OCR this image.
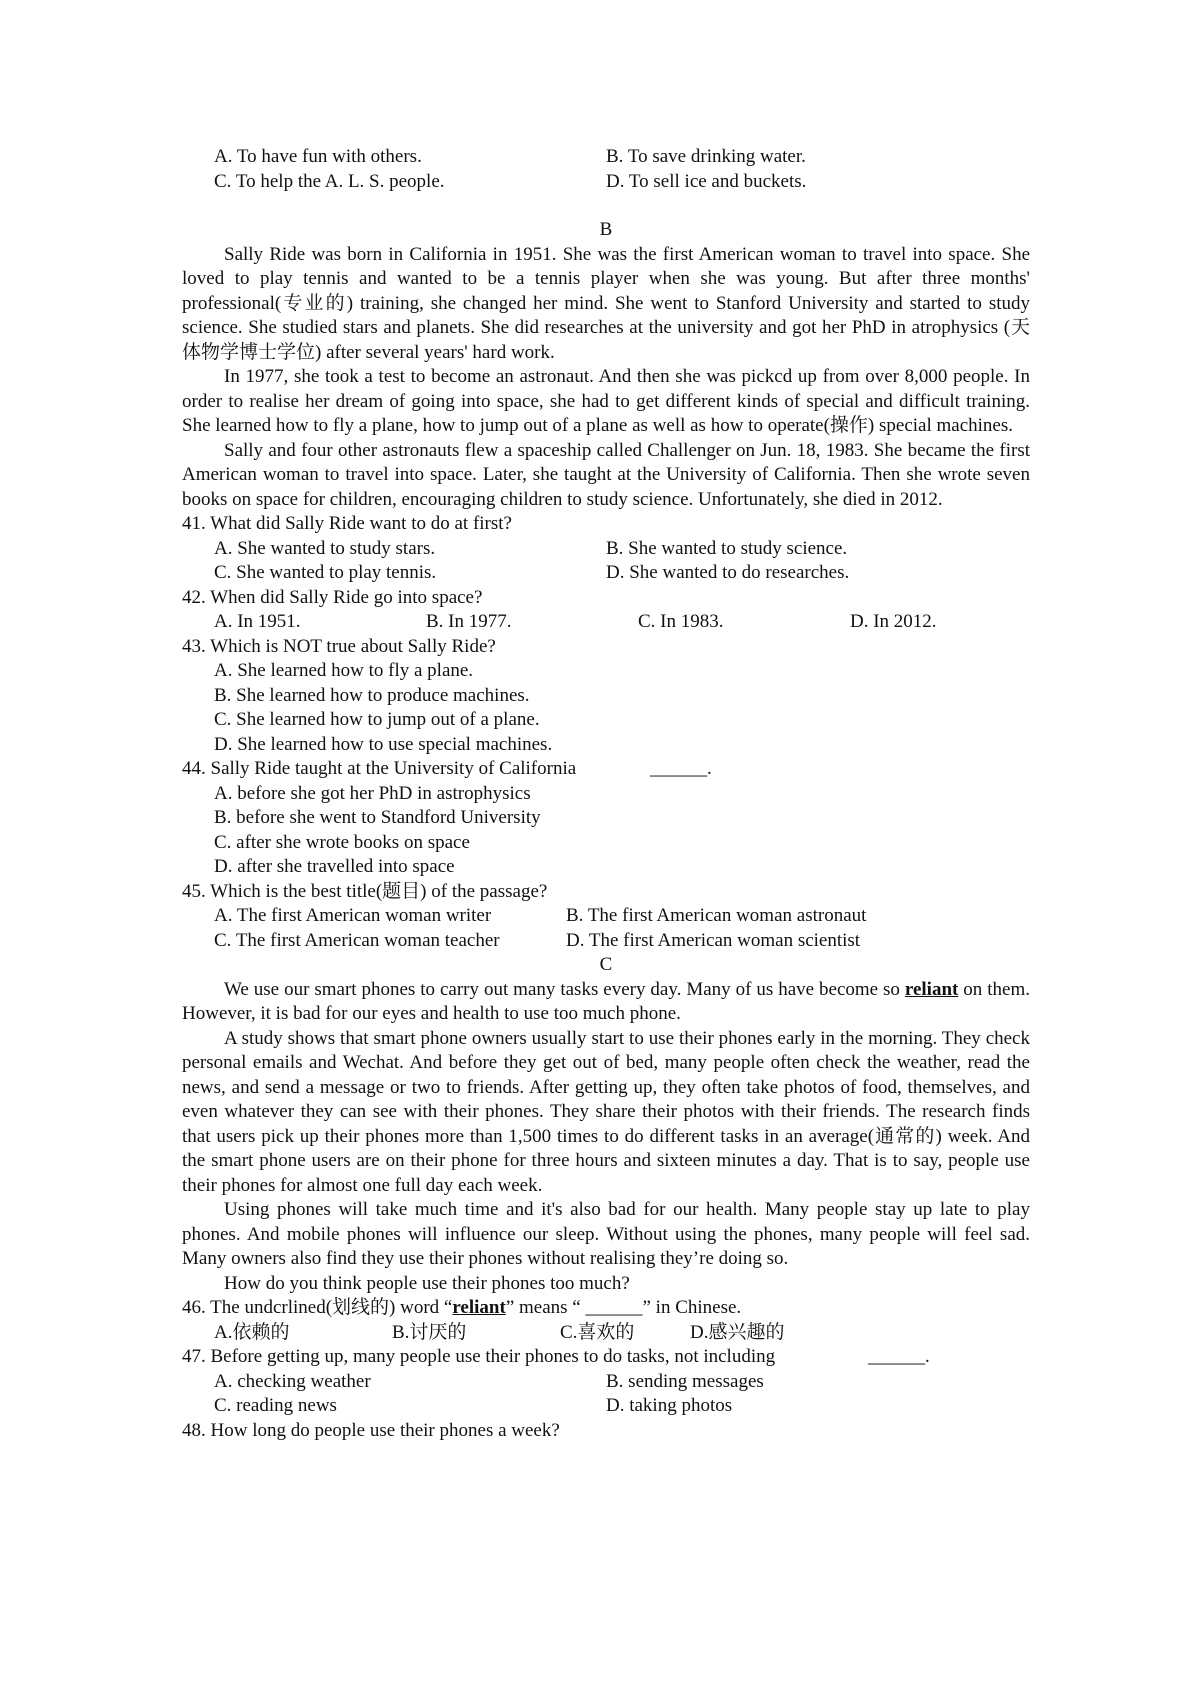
A. To have fun with others.	B. To save drinking water.
C. To help the A. L. S. people.	D. To sell ice and buckets.
B

Sally Ride was born in California in 1951. She was the first American woman to travel into space. She loved to play tennis and wanted to be a tennis player when she was young. But after three months' professional(专业的) training, she changed her mind. She went to Stanford University and started to study science. She studied stars and planets. She did researches at the university and got her PhD in atrophysics (天体物学博士学位) after several years' hard work.

In 1977, she took a test to become an astronaut. And then she was pickcd up from over 8,000 people. In order to realise her dream of going into space, she had to get different kinds of special and difficult training. She learned how to fly a plane, how to jump out of a plane as well as how to operate(操作) special machines.

Sally and four other astronauts flew a spaceship called Challenger on Jun. 18, 1983. She became the first American woman to travel into space. Later, she taught at the University of California. Then she wrote seven books on space for children, encouraging children to study science. Unfortunately, she died in 2012.

41. What did Sally Ride want to do at first?
A. She wanted to study stars.	B. She wanted to study science.
C. She wanted to play tennis.	D. She wanted to do researches.
42. When did Sally Ride go into space?
A. In 1951.	B. In 1977.	C. In 1983.	D. In 2012.
43. Which is NOT true about Sally Ride?
A. She learned how to fly a plane.
B. She learned how to produce machines.
C. She learned how to jump out of a plane.
D. She learned how to use special machines.
44. Sally Ride taught at the University of California	______.
A. before she got her PhD in astrophysics
B. before she went to Standford University
C. after she wrote books on space
D. after she travelled into space
45. Which is the best title(题目) of the passage?
A. The first American woman writer	B. The first American woman astronaut
C. The first American woman teacher	D. The first American woman scientist
C

We use our smart phones to carry out many tasks every day. Many of us have become so reliant on them. However, it is bad for our eyes and health to use too much phone.

A study shows that smart phone owners usually start to use their phones early in the morning. They check personal emails and Wechat. And before they get out of bed, many people often check the weather, read the news, and send a message or two to friends. After getting up, they often take photos of food, themselves, and even whatever they can see with their phones. They share their photos with their friends. The research finds that users pick up their phones more than 1,500 times to do different tasks in an average(通常的) week. And the smart phone users are on their phone for three hours and sixteen minutes a day. That is to say, people use their phones for almost one full day each week.

Using phones will take much time and it's also bad for our health. Many people stay up late to play phones. And mobile phones will influence our sleep. Without using the phones, many people will feel sad. Many owners also find they use their phones without realising they’re doing so.

How do you think people use their phones too much?

46. The undcrlined(划线的) word “reliant” means “ ______” in Chinese.
A.依赖的	B.讨厌的	C.喜欢的	D.感兴趣的
47. Before getting up, many people use their phones to do tasks, not including	______.
A. checking weather	B. sending messages
C. reading news	D. taking photos
48. How long do people use their phones a week?
